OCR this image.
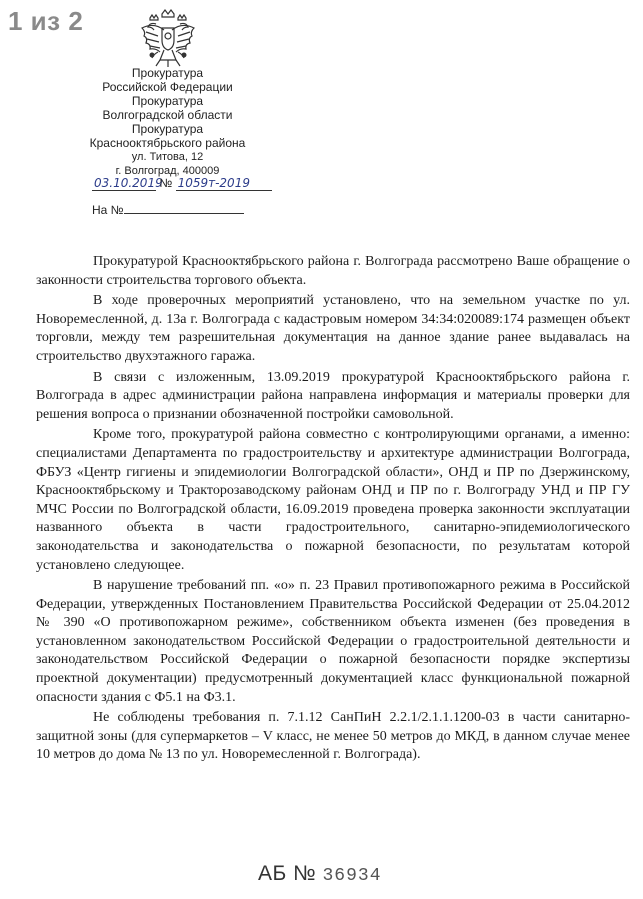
1 из 2
Прокуратура
Российской Федерации
Прокуратура
Волгоградской области
Прокуратура
Краснооктябрьского района
ул. Титова, 12
г. Волгоград, 400009
03.10.2019 № 1059т-2019
На №

Прокуратурой Краснооктябрьского района г. Волгограда рассмотрено Ваше обращение о законности строительства торгового объекта.

В ходе проверочных мероприятий установлено, что на земельном участке по ул. Новоремесленной, д. 13а г. Волгограда с кадастровым номером 34:34:020089:174 размещен объект торговли, между тем разрешительная документация на данное здание ранее выдавалась на строительство двухэтажного гаража.

В связи с изложенным, 13.09.2019 прокуратурой Краснооктябрьского района г. Волгограда в адрес администрации района направлена информация и материалы проверки для решения вопроса о признании обозначенной постройки самовольной.

Кроме того, прокуратурой района совместно с контролирующими органами, а именно: специалистами Департамента по градостроительству и архитектуре администрации Волгограда, ФБУЗ «Центр гигиены и эпидемиологии Волгоградской области», ОНД и ПР по Дзержинскому, Краснооктябрьскому и Тракторозаводскому районам ОНД и ПР по г. Волгограду УНД и ПР ГУ МЧС России по Волгоградской области, 16.09.2019 проведена проверка законности эксплуатации названного объекта в части градостроительного, санитарно-эпидемиологического законодательства и законодательства о пожарной безопасности, по результатам которой установлено следующее.

В нарушение требований пп. «о» п. 23 Правил противопожарного режима в Российской Федерации, утвержденных Постановлением Правительства Российской Федерации от 25.04.2012 № 390 «О противопожарном режиме», собственником объекта изменен (без проведения в установленном законодательством Российской Федерации о градостроительной деятельности и законодательством Российской Федерации о пожарной безопасности порядке экспертизы проектной документации) предусмотренный документацией класс функциональной пожарной опасности здания с Ф5.1 на Ф3.1.

Не соблюдены требования п. 7.1.12 СанПиН 2.2.1/2.1.1.1200-03 в части санитарно-защитной зоны (для супермаркетов – V класс, не менее 50 метров до МКД, в данном случае менее 10 метров до дома № 13 по ул. Новоремесленной г. Волгограда).

АБ № 36934
